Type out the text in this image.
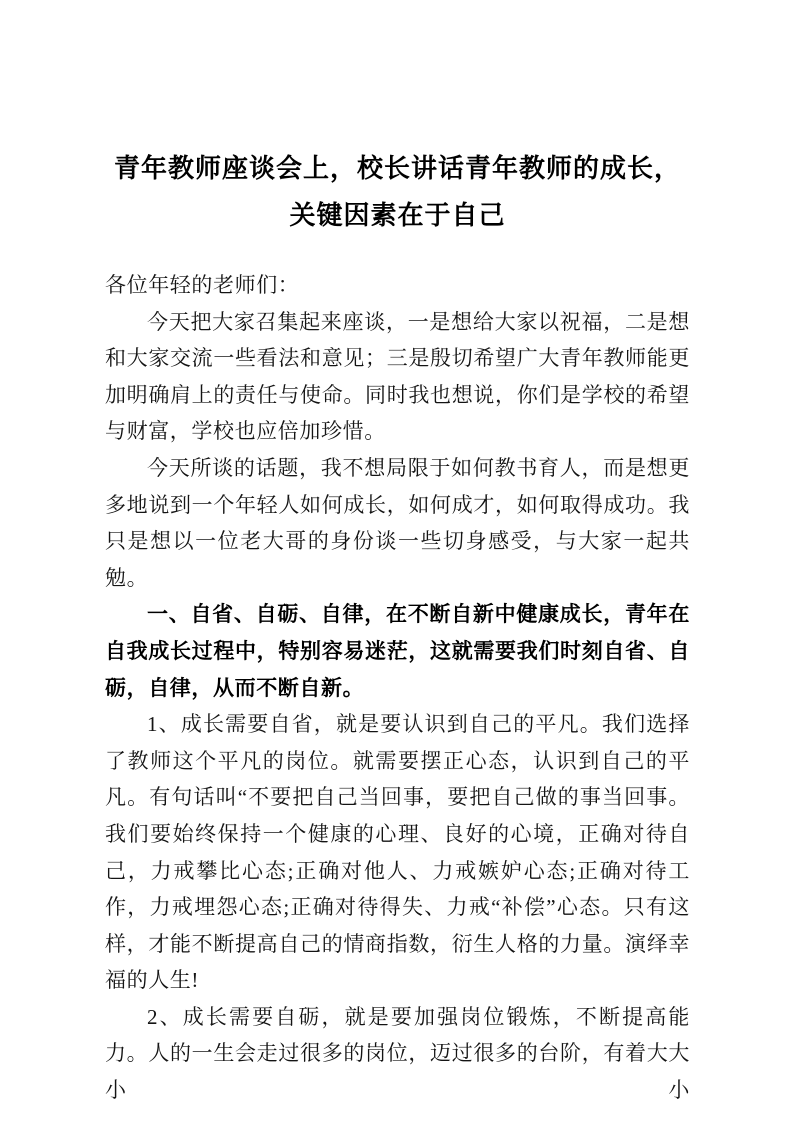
青年教师座谈会上，校长讲话青年教师的成长，关键因素在于自己

各位年轻的老师们：

今天把大家召集起来座谈，一是想给大家以祝福，二是想和大家交流一些看法和意见；三是殷切希望广大青年教师能更加明确肩上的责任与使命。同时我也想说，你们是学校的希望与财富，学校也应倍加珍惜。

今天所谈的话题，我不想局限于如何教书育人，而是想更多地说到一个年轻人如何成长，如何成才，如何取得成功。我只是想以一位老大哥的身份谈一些切身感受，与大家一起共勉。

一、自省、自砺、自律，在不断自新中健康成长，青年在自我成长过程中，特别容易迷茫，这就需要我们时刻自省、自砺，自律，从而不断自新。

1、成长需要自省，就是要认识到自己的平凡。我们选择了教师这个平凡的岗位。就需要摆正心态，认识到自己的平凡。有句话叫“不要把自己当回事，要把自己做的事当回事。我们要始终保持一个健康的心理、良好的心境，正确对待自己，力戒攀比心态;正确对他人、力戒嫉妒心态;正确对待工作，力戒埋怨心态;正确对待得失、力戒“补偿”心态。只有这样，才能不断提高自己的情商指数，衍生人格的力量。演绎幸福的人生!

2、成长需要自砺，就是要加强岗位锻炼，不断提高能力。人的一生会走过很多的岗位，迈过很多的台阶，有着大大小小
